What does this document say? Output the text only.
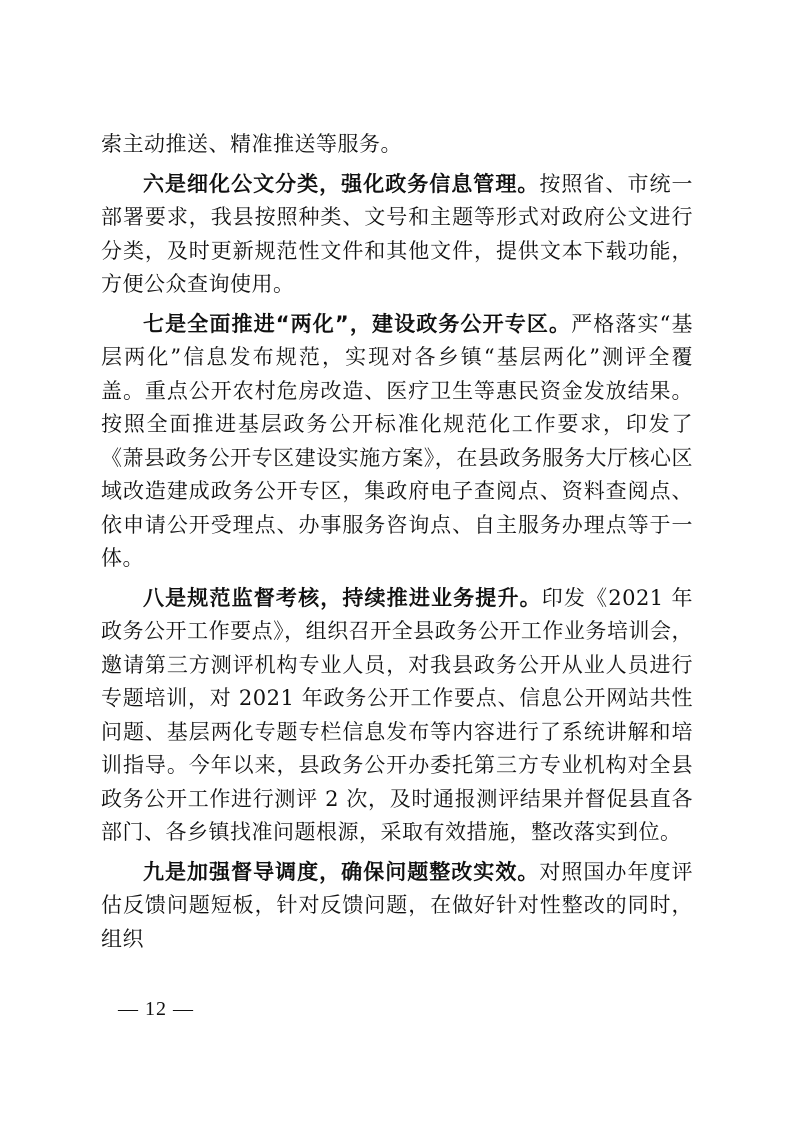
索主动推送、精准推送等服务。

六是细化公文分类，强化政务信息管理。按照省、市统一部署要求，我县按照种类、文号和主题等形式对政府公文进行分类，及时更新规范性文件和其他文件，提供文本下载功能，方便公众查询使用。

七是全面推进“两化”，建设政务公开专区。严格落实“基层两化”信息发布规范，实现对各乡镇“基层两化”测评全覆盖。重点公开农村危房改造、医疗卫生等惠民资金发放结果。按照全面推进基层政务公开标准化规范化工作要求，印发了《萧县政务公开专区建设实施方案》，在县政务服务大厅核心区域改造建成政务公开专区，集政府电子查阅点、资料查阅点、依申请公开受理点、办事服务咨询点、自主服务办理点等于一体。

八是规范监督考核，持续推进业务提升。印发《2021 年政务公开工作要点》，组织召开全县政务公开工作业务培训会，邀请第三方测评机构专业人员，对我县政务公开从业人员进行专题培训，对 2021 年政务公开工作要点、信息公开网站共性问题、基层两化专题专栏信息发布等内容进行了系统讲解和培训指导。今年以来，县政务公开办委托第三方专业机构对全县政务公开工作进行测评 2 次，及时通报测评结果并督促县直各部门、各乡镇找准问题根源，采取有效措施，整改落实到位。

九是加强督导调度，确保问题整改实效。对照国办年度评估反馈问题短板，针对反馈问题，在做好针对性整改的同时，组织

— 12 —
